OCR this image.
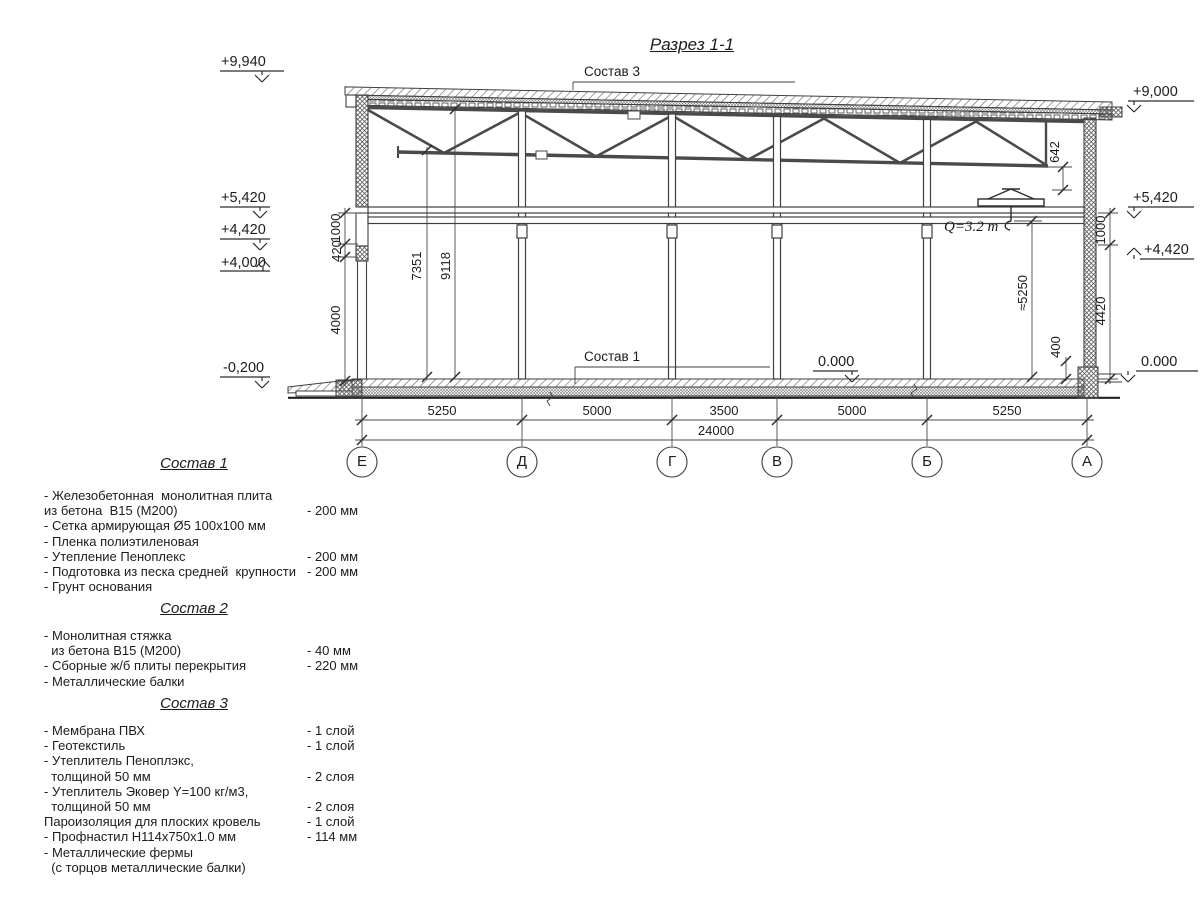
Разрез 1-1
Состав 3
Состав 1
+9,940
+5,420
+4,420
+4,000
-0,200
+9,000
+5,420
+4,420
0.000
0.000
Q=3.2 т
1000
420
4000
7351 9118
642
≈5250
400
1000
4420
5250	5000	3500	5000	5250
24000
Е	Д	Г	В	Б	А
Состав 1
- Железобетонная  монолитная плита
из бетона  В15 (М200)	- 200 мм
- Сетка армирующая Ø5 100х100 мм
- Пленка полиэтиленовая
- Утепление Пеноплекс	- 200 мм
- Подготовка из песка средней  крупности - 200 мм
- Грунт основания
Состав 2
- Монолитная стяжка
из бетона В15 (М200)	- 40 мм
- Сборные ж/б плиты перекрытия	- 220 мм
- Металлические балки
Состав 3
- Мембрана ПВХ	- 1 слой
- Геотекстиль	- 1 слой
- Утеплитель Пеноплэкс,
толщиной 50 мм	- 2 слоя
- Утеплитель Эковер Y=100 кг/м3,
толщиной 50 мм	- 2 слоя
Пароизоляция для плоских кровель	- 1 слой
- Профнастил Н114х750х1.0 мм	- 114 мм
- Металлические фермы
(с торцов металлические балки)
